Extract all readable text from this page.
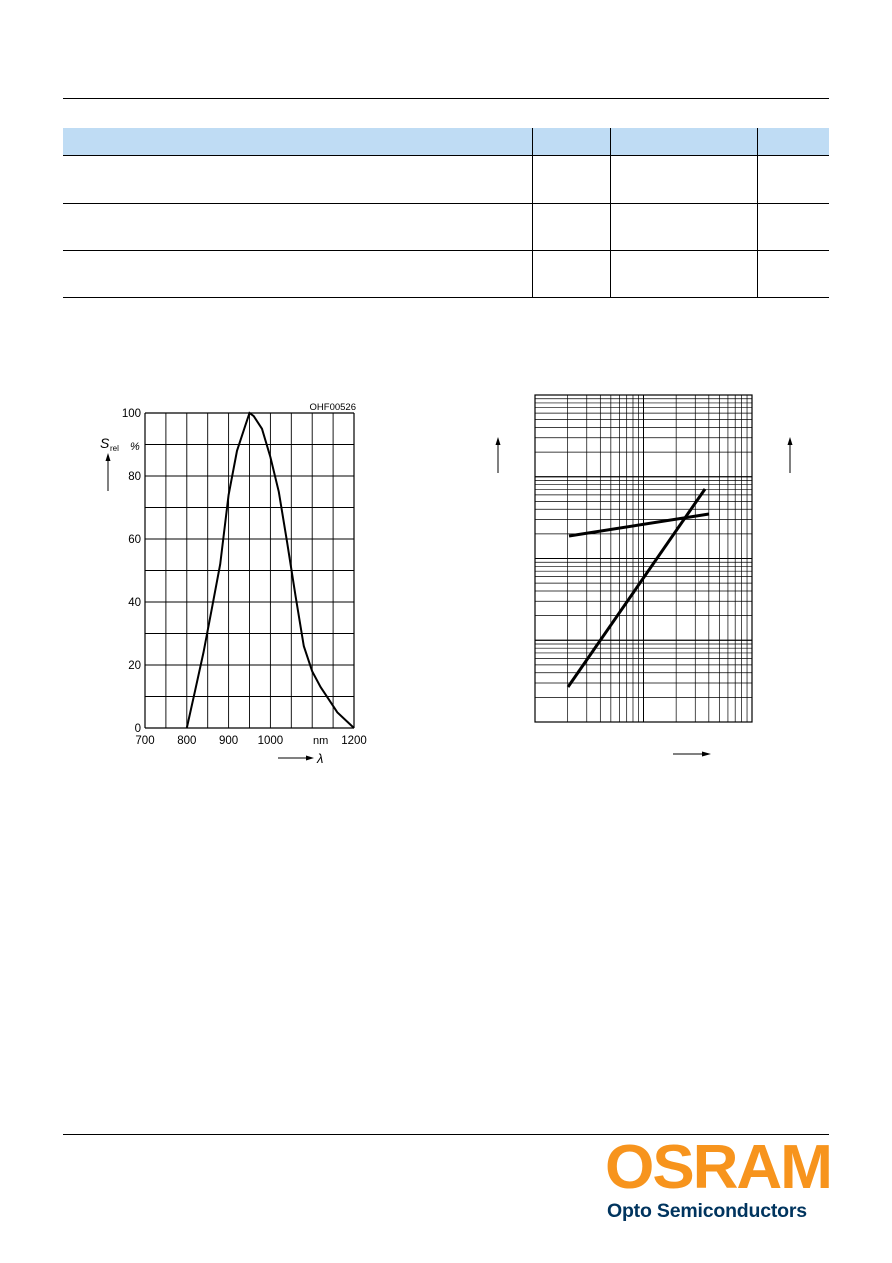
0
20
40
60
80
100
700 800 900 1000	1200
OHF00526
S rel %
nm
λ
OSRAM
Opto Semiconductors
